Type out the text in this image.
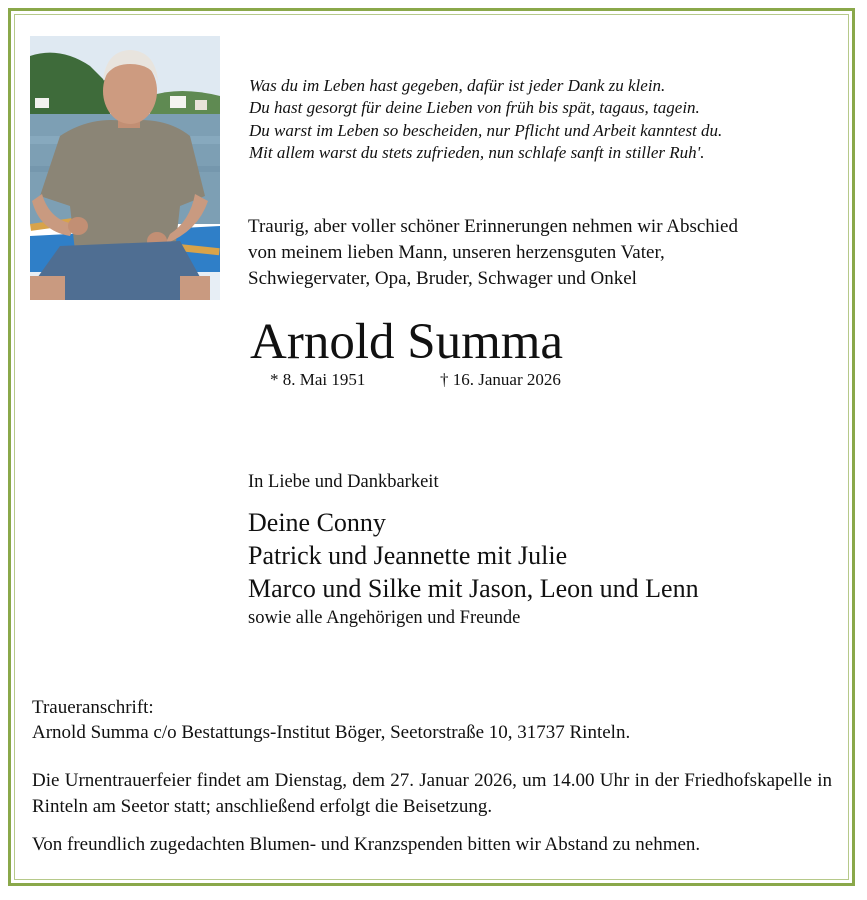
Was du im Leben hast gegeben, dafür ist jeder Dank zu klein.
Du hast gesorgt für deine Lieben von früh bis spät, tagaus, tagein.
Du warst im Leben so bescheiden, nur Pflicht und Arbeit kanntest du.
Mit allem warst du stets zufrieden, nun schlafe sanft in stiller Ruh'.
Traurig, aber voller schöner Erinnerungen nehmen wir Abschied
von meinem lieben Mann, unseren herzensguten Vater,
Schwiegervater, Opa, Bruder, Schwager und Onkel
Arnold Summa
* 8. Mai 1951	† 16. Januar 2026
In Liebe und Dankbarkeit
Deine Conny
Patrick und Jeannette mit Julie
Marco und Silke mit Jason, Leon und Lenn
sowie alle Angehörigen und Freunde
Traueranschrift:
Arnold Summa c/o Bestattungs-Institut Böger, Seetorstraße 10, 31737 Rinteln.
Die Urnentrauerfeier findet am Dienstag, dem 27. Januar 2026, um 14.00 Uhr in der Friedhofskapelle in Rinteln am Seetor statt; anschließend erfolgt die Beisetzung.
Von freundlich zugedachten Blumen- und Kranzspenden bitten wir Abstand zu nehmen.
